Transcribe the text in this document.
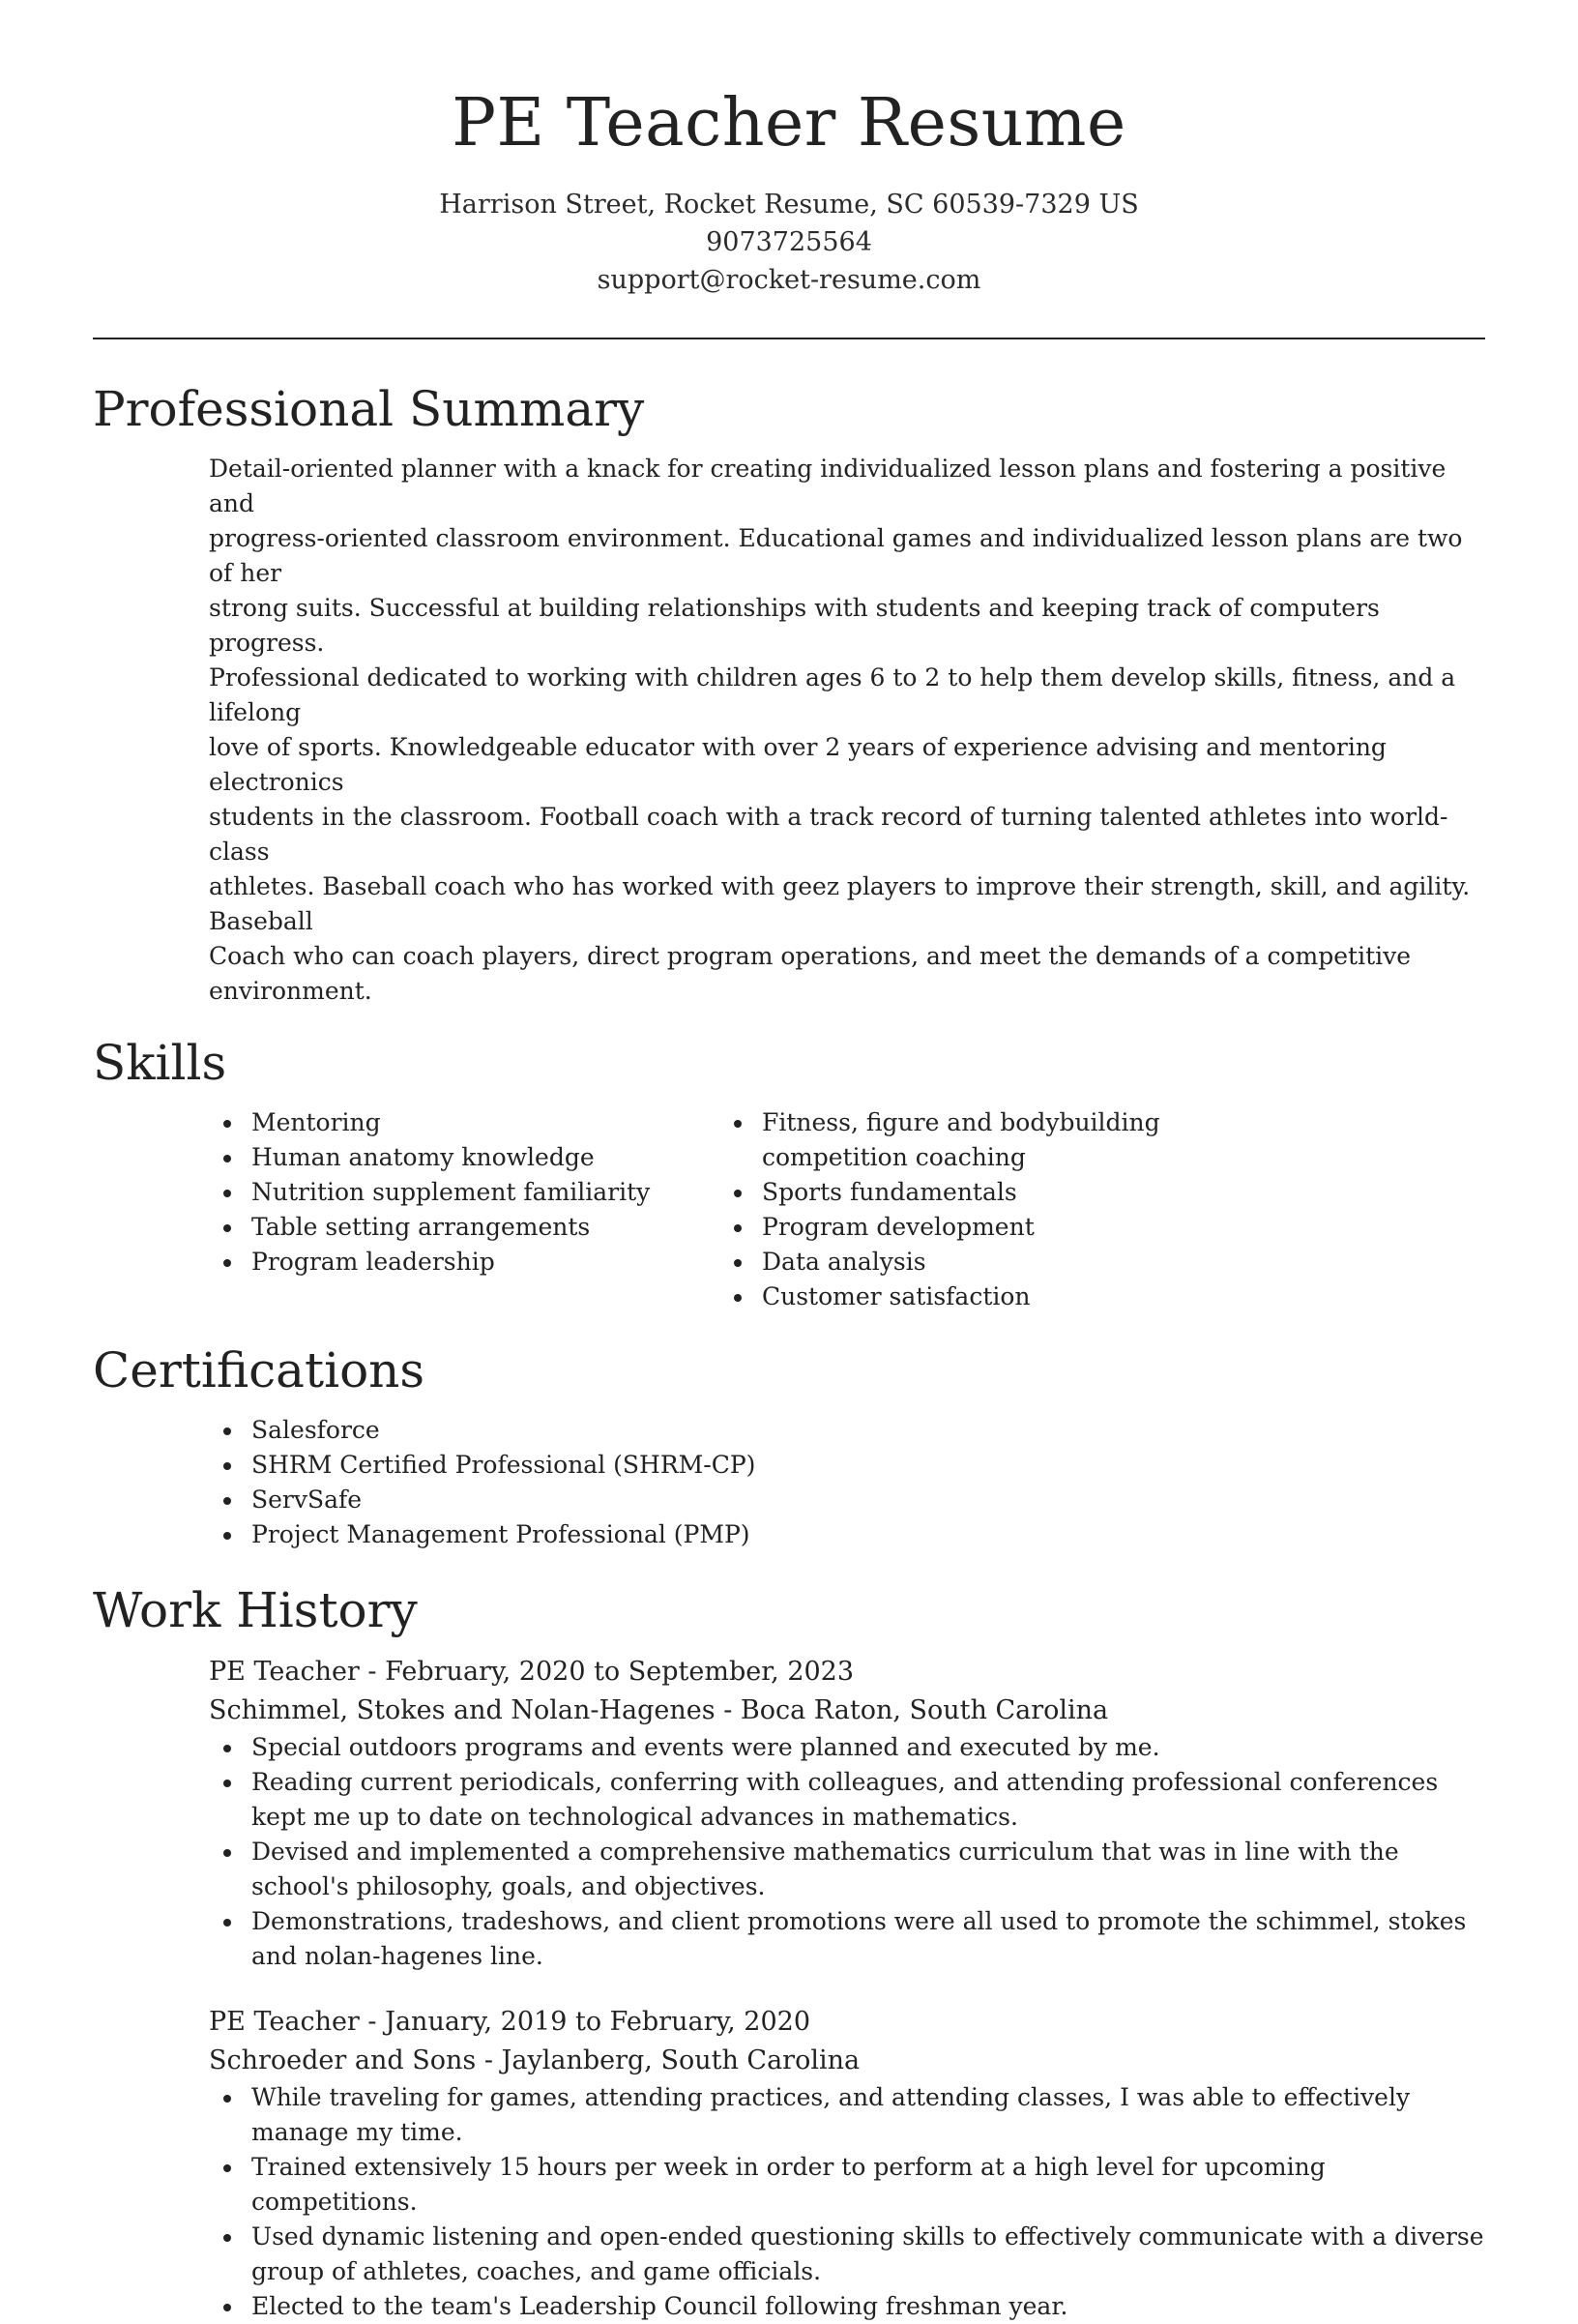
PE Teacher Resume
Harrison Street, Rocket Resume, SC 60539-7329 US
9073725564
support@rocket-resume.com
Professional Summary
Detail-oriented planner with a knack for creating individualized lesson plans and fostering a positive and
progress-oriented classroom environment. Educational games and individualized lesson plans are two of her
strong suits. Successful at building relationships with students and keeping track of computers progress.
Professional dedicated to working with children ages 6 to 2 to help them develop skills, fitness, and a lifelong
love of sports. Knowledgeable educator with over 2 years of experience advising and mentoring electronics
students in the classroom. Football coach with a track record of turning talented athletes into world-class
athletes. Baseball coach who has worked with geez players to improve their strength, skill, and agility. Baseball
Coach who can coach players, direct program operations, and meet the demands of a competitive environment.
Skills
Mentoring
Human anatomy knowledge
Nutrition supplement familiarity
Table setting arrangements
Program leadership
Fitness, figure and bodybuilding competition coaching
Sports fundamentals
Program development
Data analysis
Customer satisfaction
Certifications
Salesforce
SHRM Certified Professional (SHRM-CP)
ServSafe
Project Management Professional (PMP)
Work History
PE Teacher - February, 2020 to September, 2023
Schimmel, Stokes and Nolan-Hagenes - Boca Raton, South Carolina
Special outdoors programs and events were planned and executed by me.
Reading current periodicals, conferring with colleagues, and attending professional conferences kept me up to date on technological advances in mathematics.
Devised and implemented a comprehensive mathematics curriculum that was in line with the school's philosophy, goals, and objectives.
Demonstrations, tradeshows, and client promotions were all used to promote the schimmel, stokes and nolan-hagenes line.
PE Teacher - January, 2019 to February, 2020
Schroeder and Sons - Jaylanberg, South Carolina
While traveling for games, attending practices, and attending classes, I was able to effectively manage my time.
Trained extensively 15 hours per week in order to perform at a high level for upcoming competitions.
Used dynamic listening and open-ended questioning skills to effectively communicate with a diverse group of athletes, coaches, and game officials.
Elected to the team's Leadership Council following freshman year.
